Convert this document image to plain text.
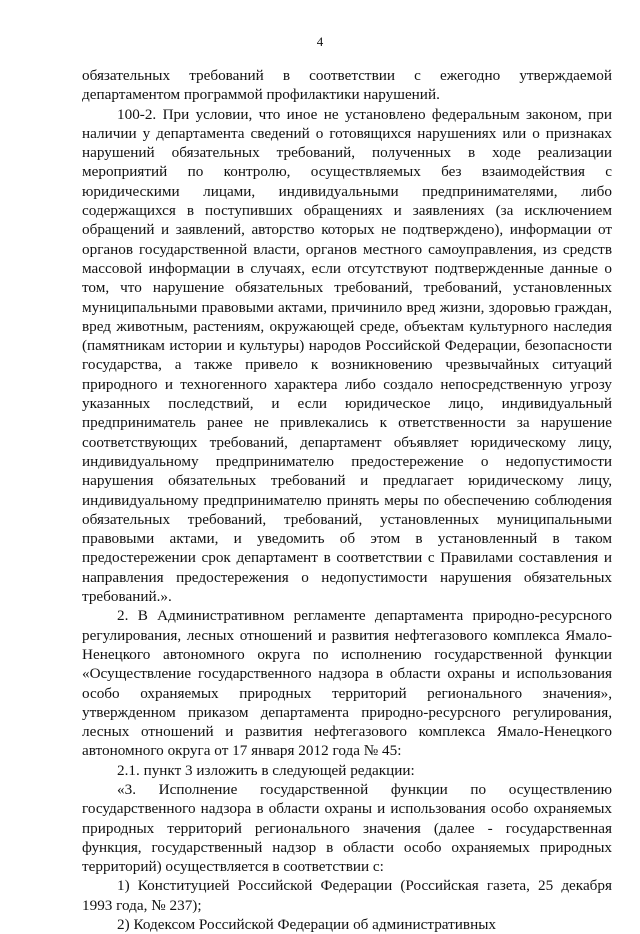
4

обязательных требований в соответствии с ежегодно утверждаемой департаментом программой профилактики нарушений.

100-2. При условии, что иное не установлено федеральным законом, при наличии у департамента сведений о готовящихся нарушениях или о признаках нарушений обязательных требований, полученных в ходе реализации мероприятий по контролю, осуществляемых без взаимодействия с юридическими лицами, индивидуальными предпринимателями, либо содержащихся в поступивших обращениях и заявлениях (за исключением обращений и заявлений, авторство которых не подтверждено), информации от органов государственной власти, органов местного самоуправления, из средств массовой информации в случаях, если отсутствуют подтвержденные данные о том, что нарушение обязательных требований, требований, установленных муниципальными правовыми актами, причинило вред жизни, здоровью граждан, вред животным, растениям, окружающей среде, объектам культурного наследия (памятникам истории и культуры) народов Российской Федерации, безопасности государства, а также привело к возникновению чрезвычайных ситуаций природного и техногенного характера либо создало непосредственную угрозу указанных последствий, и если юридическое лицо, индивидуальный предприниматель ранее не привлекались к ответственности за нарушение соответствующих требований, департамент объявляет юридическому лицу, индивидуальному предпринимателю предостережение о недопустимости нарушения обязательных требований и предлагает юридическому лицу, индивидуальному предпринимателю принять меры по обеспечению соблюдения обязательных требований, требований, установленных муниципальными правовыми актами, и уведомить об этом в установленный в таком предостережении срок департамент в соответствии с Правилами составления и направления предостережения о недопустимости нарушения обязательных требований.».

2. В Административном регламенте департамента природно-ресурсного регулирования, лесных отношений и развития нефтегазового комплекса Ямало-Ненецкого автономного округа по исполнению государственной функции «Осуществление государственного надзора в области охраны и использования особо охраняемых природных территорий регионального значения», утвержденном приказом департамента природно-ресурсного регулирования, лесных отношений и развития нефтегазового комплекса Ямало-Ненецкого автономного округа от 17 января 2012 года № 45:

2.1. пункт 3 изложить в следующей редакции:

«3. Исполнение государственной функции по осуществлению государственного надзора в области охраны и использования особо охраняемых природных территорий регионального значения (далее - государственная функция, государственный надзор в области особо охраняемых природных территорий) осуществляется в соответствии с:

1) Конституцией Российской Федерации (Российская газета, 25 декабря 1993 года, № 237);

2) Кодексом Российской Федерации об административных
